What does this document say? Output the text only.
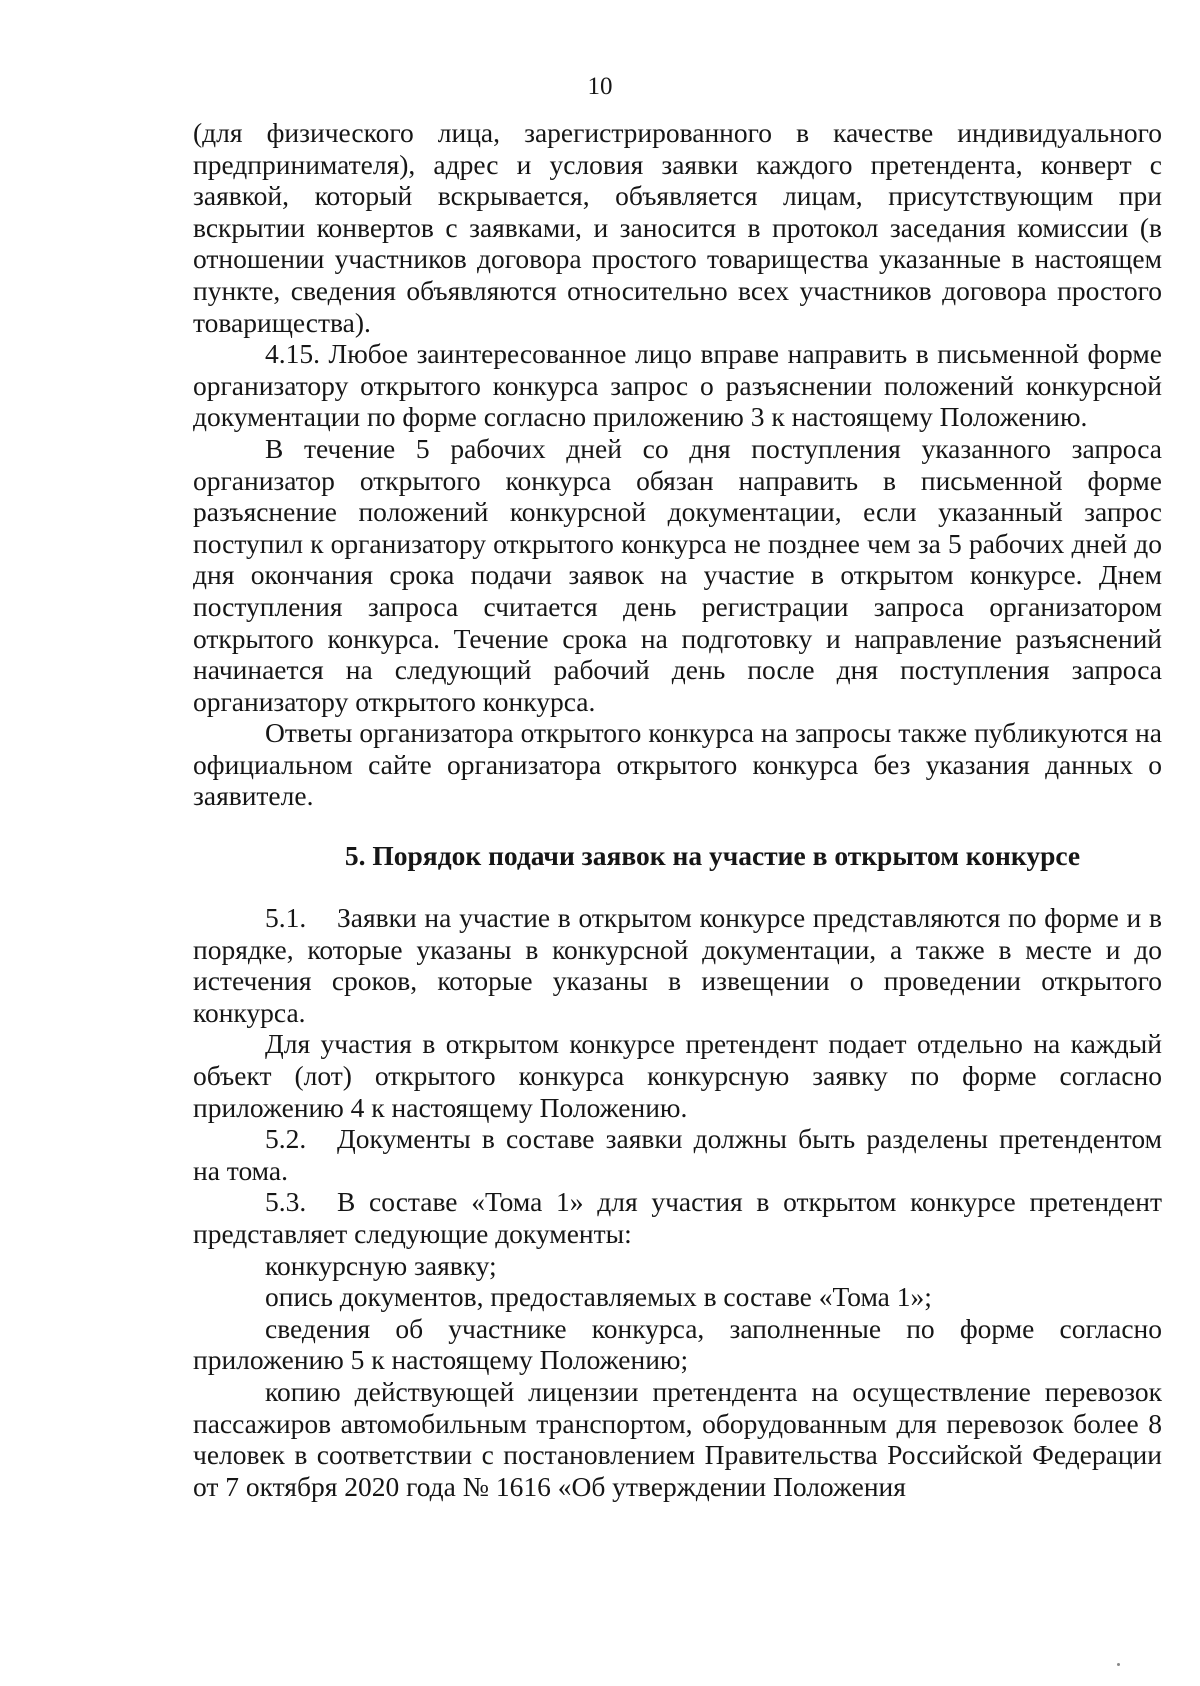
10

(для физического лица, зарегистрированного в качестве индивидуального предпринимателя), адрес и условия заявки каждого претендента, конверт с заявкой, который вскрывается, объявляется лицам, присутствующим при вскрытии конвертов с заявками, и заносится в протокол заседания комиссии (в отношении участников договора простого товарищества указанные в настоящем пункте, сведения объявляются относительно всех участников договора простого товарищества).

4.15. Любое заинтересованное лицо вправе направить в письменной форме организатору открытого конкурса запрос о разъяснении положений конкурсной документации по форме согласно приложению 3 к настоящему Положению.

В течение 5 рабочих дней со дня поступления указанного запроса организатор открытого конкурса обязан направить в письменной форме разъяснение положений конкурсной документации, если указанный запрос поступил к организатору открытого конкурса не позднее чем за 5 рабочих дней до дня окончания срока подачи заявок на участие в открытом конкурсе. Днем поступления запроса считается день регистрации запроса организатором открытого конкурса. Течение срока на подготовку и направление разъяснений начинается на следующий рабочий день после дня поступления запроса организатору открытого конкурса.

Ответы организатора открытого конкурса на запросы также публикуются на официальном сайте организатора открытого конкурса без указания данных о заявителе.

5. Порядок подачи заявок на участие в открытом конкурсе

5.1. Заявки на участие в открытом конкурсе представляются по форме и в порядке, которые указаны в конкурсной документации, а также в месте и до истечения сроков, которые указаны в извещении о проведении открытого конкурса.

Для участия в открытом конкурсе претендент подает отдельно на каждый объект (лот) открытого конкурса конкурсную заявку по форме согласно приложению 4 к настоящему Положению.

5.2. Документы в составе заявки должны быть разделены претендентом на тома.

5.3. В составе «Тома 1» для участия в открытом конкурсе претендент представляет следующие документы:

конкурсную заявку;

опись документов, предоставляемых в составе «Тома 1»;

сведения об участнике конкурса, заполненные по форме согласно приложению 5 к настоящему Положению;

копию действующей лицензии претендента на осуществление перевозок пассажиров автомобильным транспортом, оборудованным для перевозок более 8 человек в соответствии с постановлением Правительства Российской Федерации от 7 октября 2020 года № 1616 «Об утверждении Положения
